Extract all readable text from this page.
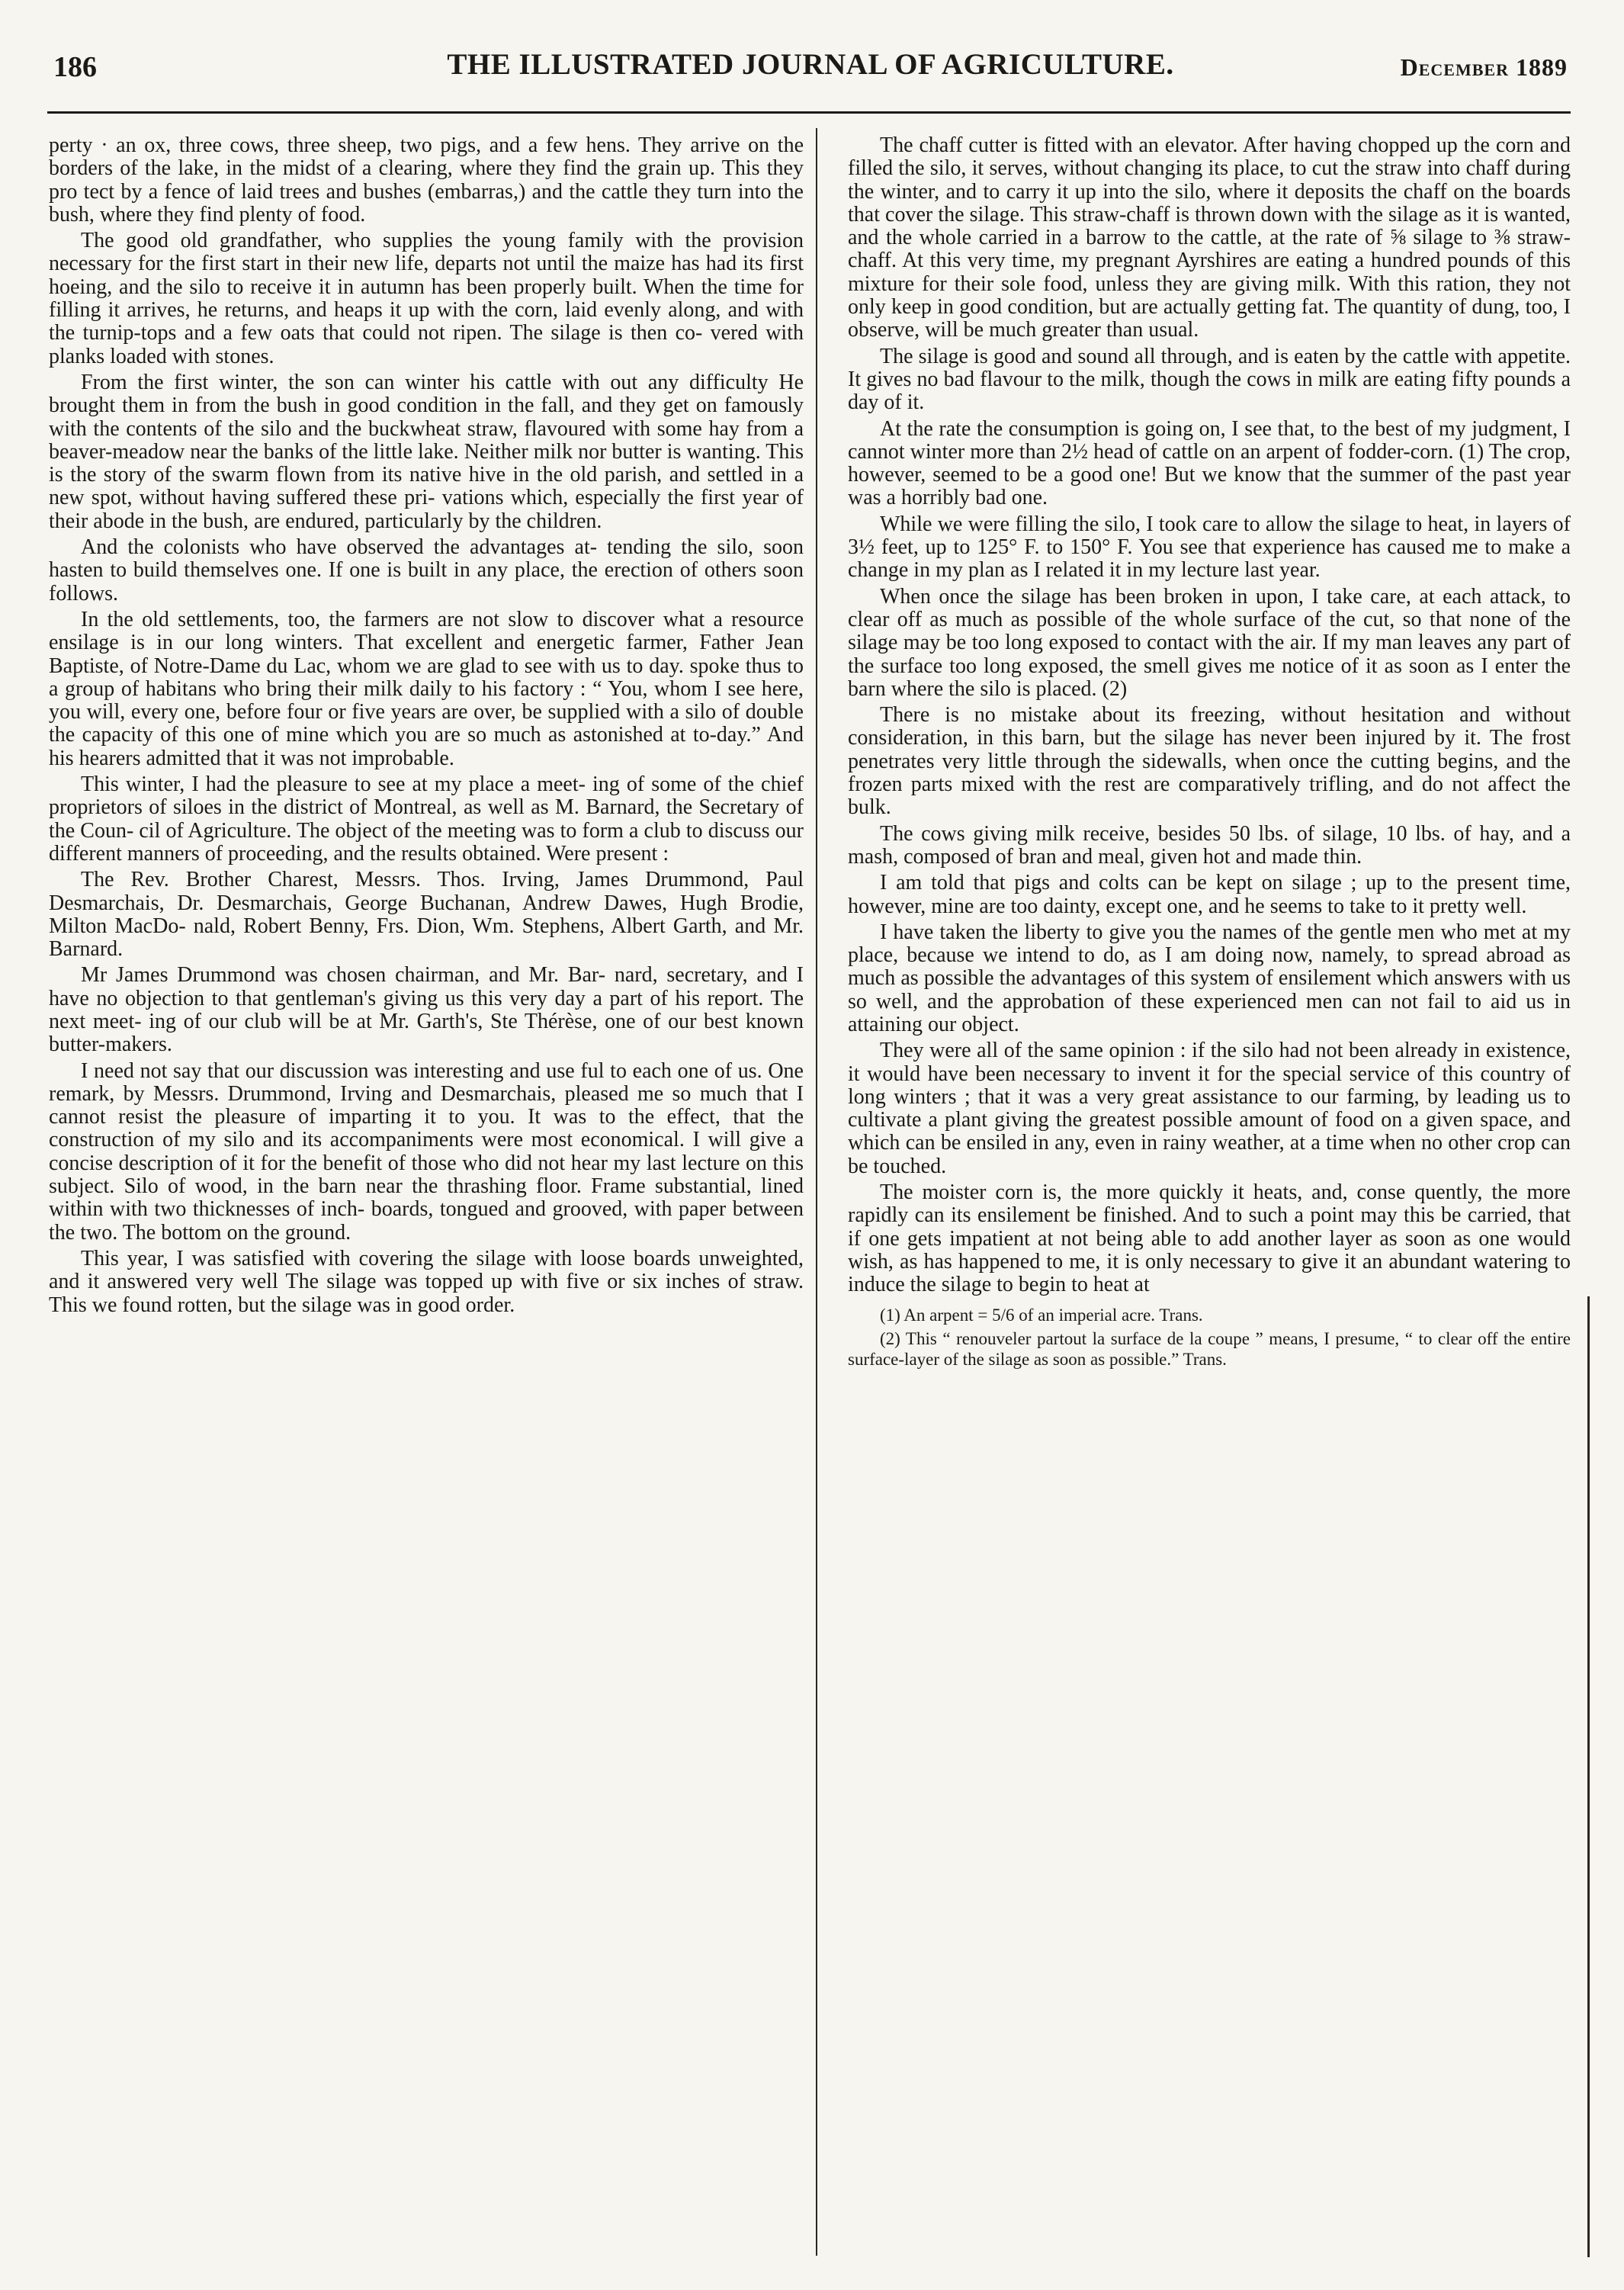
186	THE ILLUSTRATED JOURNAL OF AGRICULTURE.	December 1889

perty · an ox, three cows, three sheep, two pigs, and a few hens. They arrive on the borders of the lake, in the midst of a clearing, where they find the grain up. This they pro tect by a fence of laid trees and bushes (embarras,) and the cattle they turn into the bush, where they find plenty of food.

The good old grandfather, who supplies the young family with the provision necessary for the first start in their new life, departs not until the maize has had its first hoeing, and the silo to receive it in autumn has been properly built. When the time for filling it arrives, he returns, and heaps it up with the corn, laid evenly along, and with the turnip-tops and a few oats that could not ripen. The silage is then co- vered with planks loaded with stones.

From the first winter, the son can winter his cattle with out any difficulty He brought them in from the bush in good condition in the fall, and they get on famously with the contents of the silo and the buckwheat straw, flavoured with some hay from a beaver-meadow near the banks of the little lake. Neither milk nor butter is wanting. This is the story of the swarm flown from its native hive in the old parish, and settled in a new spot, without having suffered these pri- vations which, especially the first year of their abode in the bush, are endured, particularly by the children.

And the colonists who have observed the advantages at- tending the silo, soon hasten to build themselves one. If one is built in any place, the erection of others soon follows.

In the old settlements, too, the farmers are not slow to discover what a resource ensilage is in our long winters. That excellent and energetic farmer, Father Jean Baptiste, of Notre-Dame du Lac, whom we are glad to see with us to day. spoke thus to a group of habitans who bring their milk daily to his factory : “ You, whom I see here, you will, every one, before four or five years are over, be supplied with a silo of double the capacity of this one of mine which you are so much as astonished at to-day.” And his hearers admitted that it was not improbable.

This winter, I had the pleasure to see at my place a meet- ing of some of the chief proprietors of siloes in the district of Montreal, as well as M. Barnard, the Secretary of the Coun- cil of Agriculture. The object of the meeting was to form a club to discuss our different manners of proceeding, and the results obtained. Were present :

The Rev. Brother Charest, Messrs. Thos. Irving, James Drummond, Paul Desmarchais, Dr. Desmarchais, George Buchanan, Andrew Dawes, Hugh Brodie, Milton MacDo- nald, Robert Benny, Frs. Dion, Wm. Stephens, Albert Garth, and Mr. Barnard.

Mr James Drummond was chosen chairman, and Mr. Bar- nard, secretary, and I have no objection to that gentleman's giving us this very day a part of his report. The next meet- ing of our club will be at Mr. Garth's, Ste Thérèse, one of our best known butter-makers.

I need not say that our discussion was interesting and use ful to each one of us. One remark, by Messrs. Drummond, Irving and Desmarchais, pleased me so much that I cannot resist the pleasure of imparting it to you. It was to the effect, that the construction of my silo and its accompaniments were most economical. I will give a concise description of it for the benefit of those who did not hear my last lecture on this subject. Silo of wood, in the barn near the thrashing floor. Frame substantial, lined within with two thicknesses of inch- boards, tongued and grooved, with paper between the two. The bottom on the ground.

This year, I was satisfied with covering the silage with loose boards unweighted, and it answered very well The silage was topped up with five or six inches of straw. This we found rotten, but the silage was in good order.

The chaff cutter is fitted with an elevator. After having chopped up the corn and filled the silo, it serves, without changing its place, to cut the straw into chaff during the winter, and to carry it up into the silo, where it deposits the chaff on the boards that cover the silage. This straw-chaff is thrown down with the silage as it is wanted, and the whole carried in a barrow to the cattle, at the rate of ⅝ silage to ⅜ straw-chaff. At this very time, my pregnant Ayrshires are eating a hundred pounds of this mixture for their sole food, unless they are giving milk. With this ration, they not only keep in good condition, but are actually getting fat. The quantity of dung, too, I observe, will be much greater than usual.

The silage is good and sound all through, and is eaten by the cattle with appetite. It gives no bad flavour to the milk, though the cows in milk are eating fifty pounds a day of it.

At the rate the consumption is going on, I see that, to the best of my judgment, I cannot winter more than 2½ head of cattle on an arpent of fodder-corn. (1) The crop, however, seemed to be a good one! But we know that the summer of the past year was a horribly bad one.

While we were filling the silo, I took care to allow the silage to heat, in layers of 3½ feet, up to 125° F. to 150° F. You see that experience has caused me to make a change in my plan as I related it in my lecture last year.

When once the silage has been broken in upon, I take care, at each attack, to clear off as much as possible of the whole surface of the cut, so that none of the silage may be too long exposed to contact with the air. If my man leaves any part of the surface too long exposed, the smell gives me notice of it as soon as I enter the barn where the silo is placed. (2)

There is no mistake about its freezing, without hesitation and without consideration, in this barn, but the silage has never been injured by it. The frost penetrates very little through the sidewalls, when once the cutting begins, and the frozen parts mixed with the rest are comparatively trifling, and do not affect the bulk.

The cows giving milk receive, besides 50 lbs. of silage, 10 lbs. of hay, and a mash, composed of bran and meal, given hot and made thin.

I am told that pigs and colts can be kept on silage ; up to the present time, however, mine are too dainty, except one, and he seems to take to it pretty well.

I have taken the liberty to give you the names of the gentle men who met at my place, because we intend to do, as I am doing now, namely, to spread abroad as much as possible the advantages of this system of ensilement which answers with us so well, and the approbation of these experienced men can not fail to aid us in attaining our object.

They were all of the same opinion : if the silo had not been already in existence, it would have been necessary to invent it for the special service of this country of long winters ; that it was a very great assistance to our farming, by leading us to cultivate a plant giving the greatest possible amount of food on a given space, and which can be ensiled in any, even in rainy weather, at a time when no other crop can be touched.

The moister corn is, the more quickly it heats, and, conse quently, the more rapidly can its ensilement be finished. And to such a point may this be carried, that if one gets impatient at not being able to add another layer as soon as one would wish, as has happened to me, it is only necessary to give it an abundant watering to induce the silage to begin to heat at

(1) An arpent = 5/6 of an imperial acre. Trans.

(2) This “ renouveler partout la surface de la coupe ” means, I presume, “ to clear off the entire surface-layer of the silage as soon as possible.” Trans.
